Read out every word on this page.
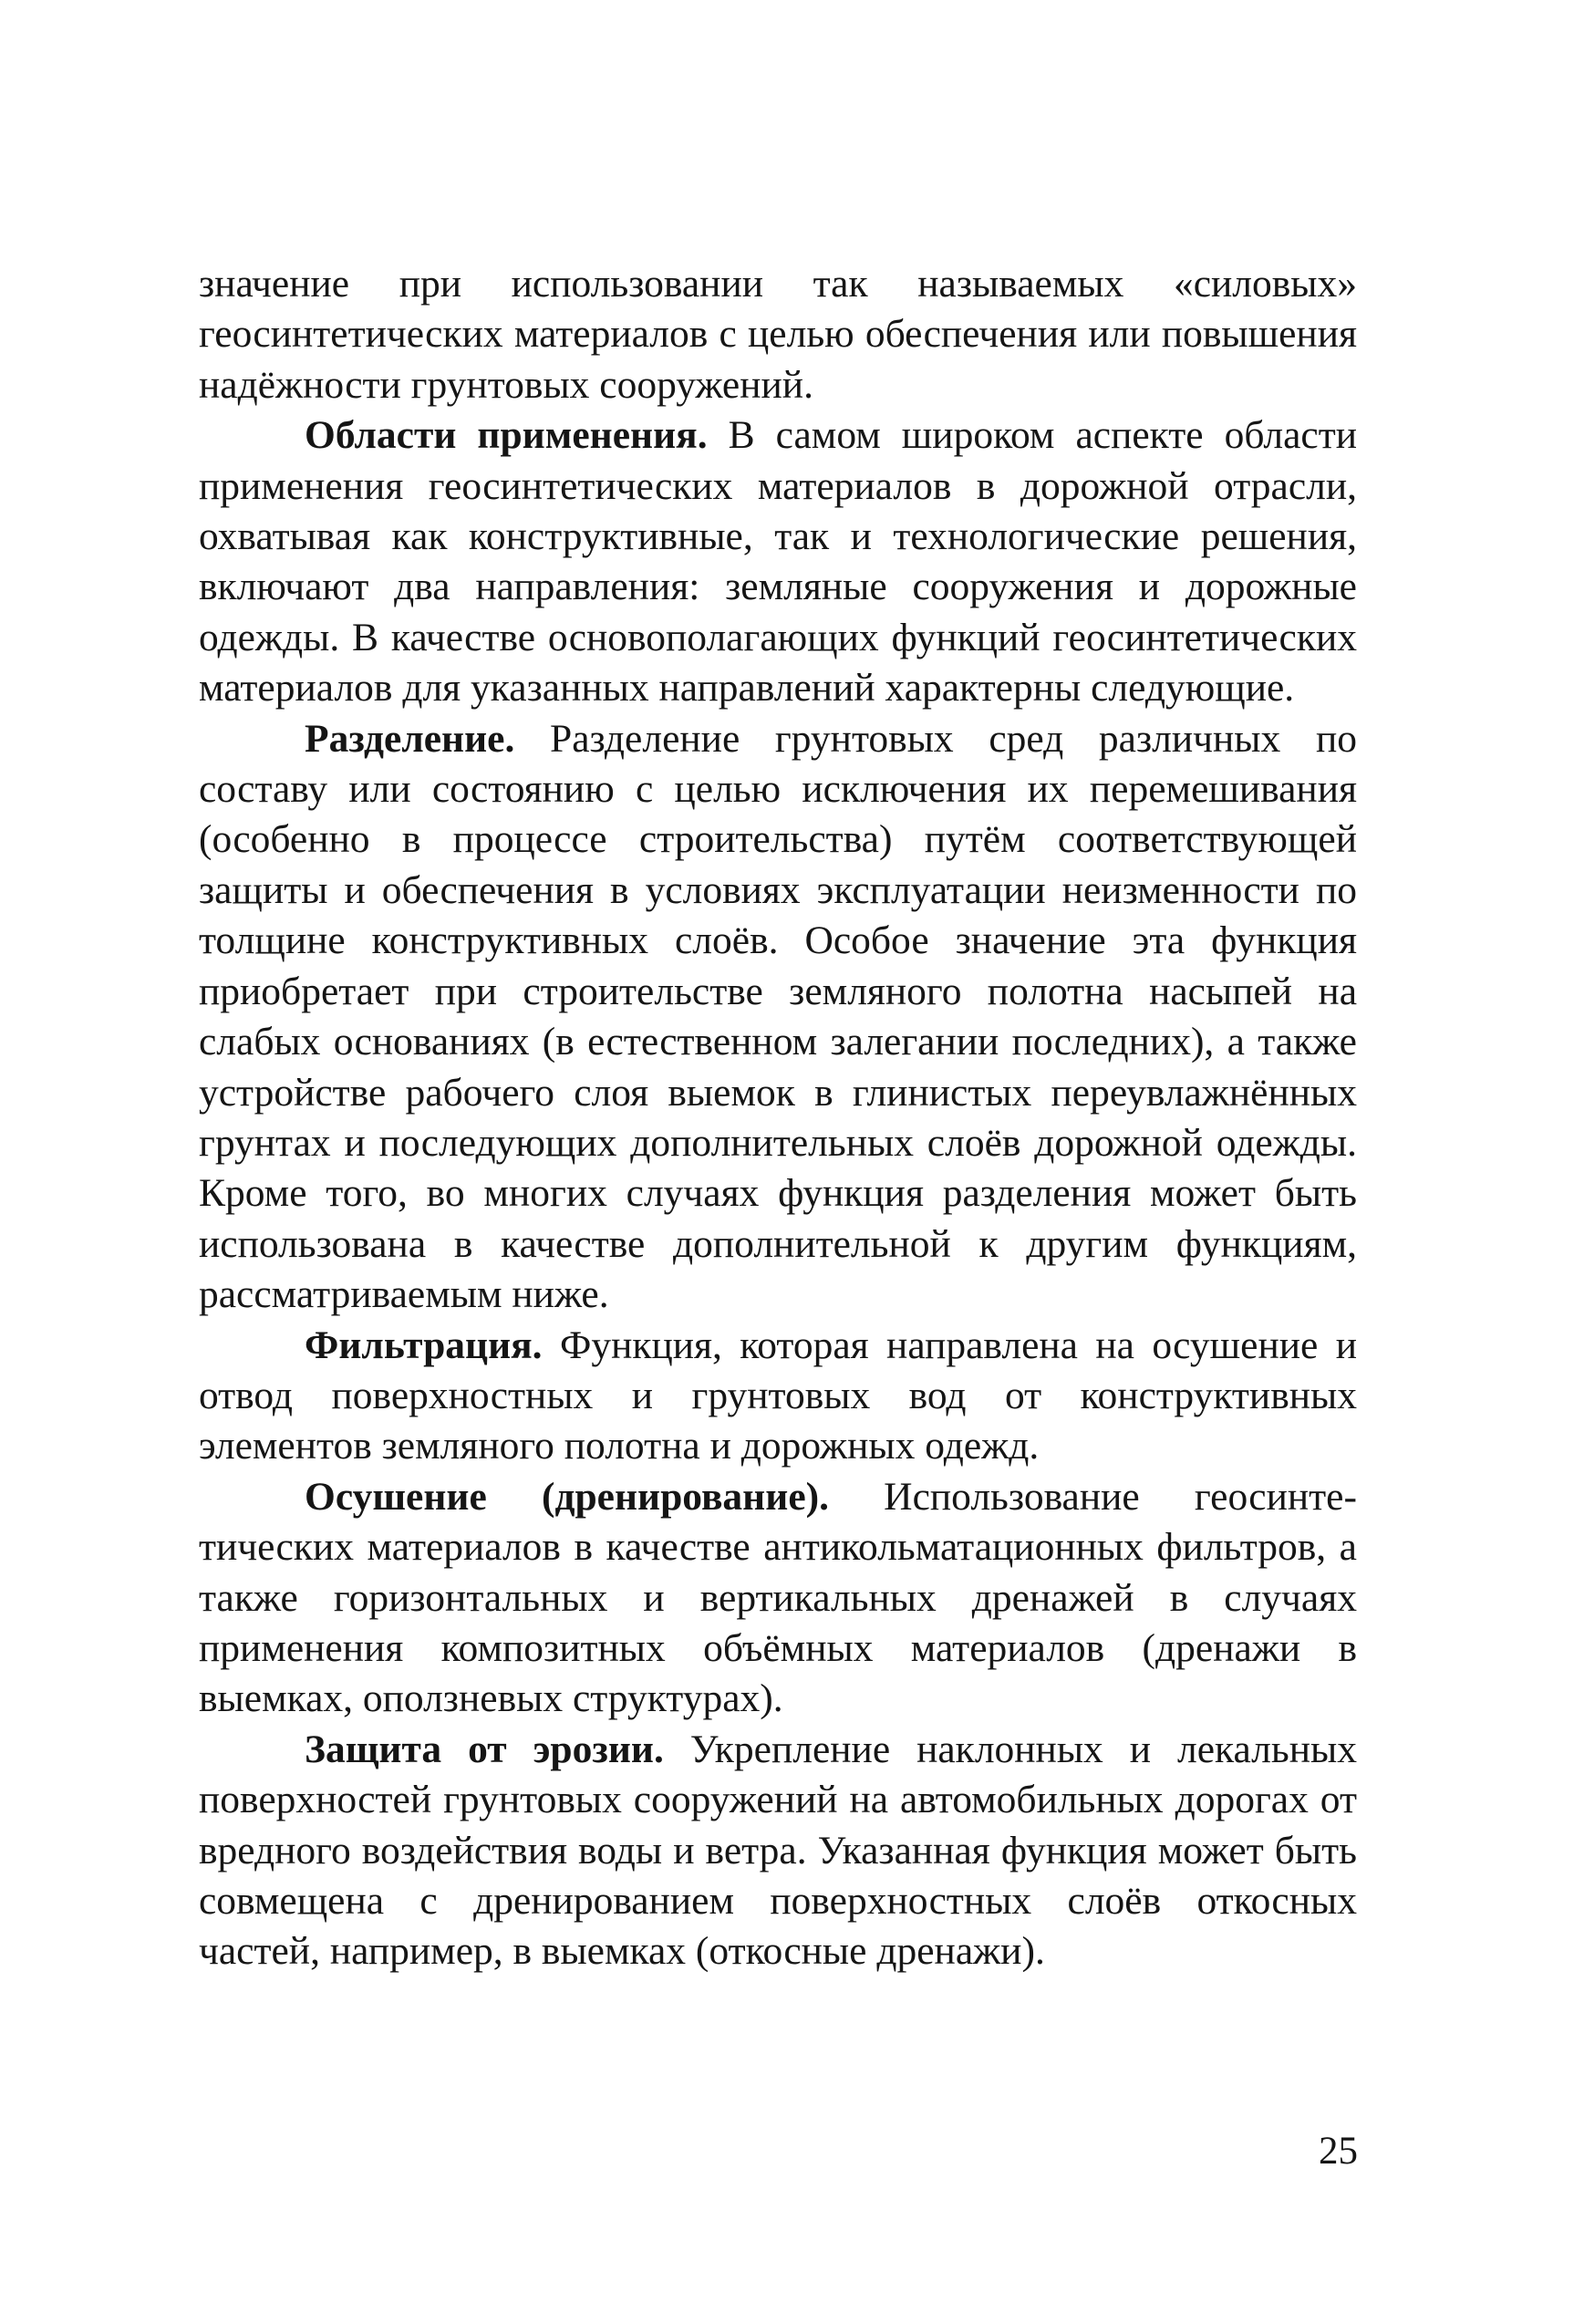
значение при использовании так называемых «силовых» геосинтетических материалов с целью обеспечения или повышения надёжности грунтовых сооружений.

Области применения. В самом широком аспекте области применения геосинтетических материалов в дорожной отрасли, охватывая как конструктивные, так и технологические решения, включают два направления: земляные сооружения и дорожные одежды. В качестве основополагающих функций геосинтетических материалов для указанных направлений характерны следующие.

Разделение. Разделение грунтовых сред различных по составу или состоянию с целью исключения их перемешивания (особенно в процессе строительства) путём соответствующей защиты и обеспечения в условиях эксплуатации неизменности по толщине конструктивных слоёв. Особое значение эта функция приобретает при строительстве земляного полотна насыпей на слабых основаниях (в естественном залегании последних), а также устройстве рабочего слоя выемок в глинистых переувлажнённых грунтах и последующих дополнительных слоёв дорожной одежды. Кроме того, во многих случаях функция разделения может быть использована в качестве дополнительной к другим функциям, рассматриваемым ниже.

Фильтрация. Функция, которая направлена на осушение и отвод поверхностных и грунтовых вод от конструктивных элементов земляного полотна и дорожных одежд.

Осушение (дренирование). Использование геосинтетических материалов в качестве антикольматационных фильтров, а также горизонтальных и вертикальных дренажей в случаях применения композитных объёмных материалов (дренажи в выемках, оползневых структурах).

Защита от эрозии. Укрепление наклонных и лекальных поверхностей грунтовых сооружений на автомобильных дорогах от вредного воздействия воды и ветра. Указанная функция может быть совмещена с дренированием поверхностных слоёв откосных частей, например, в выемках (откосные дренажи).

25
